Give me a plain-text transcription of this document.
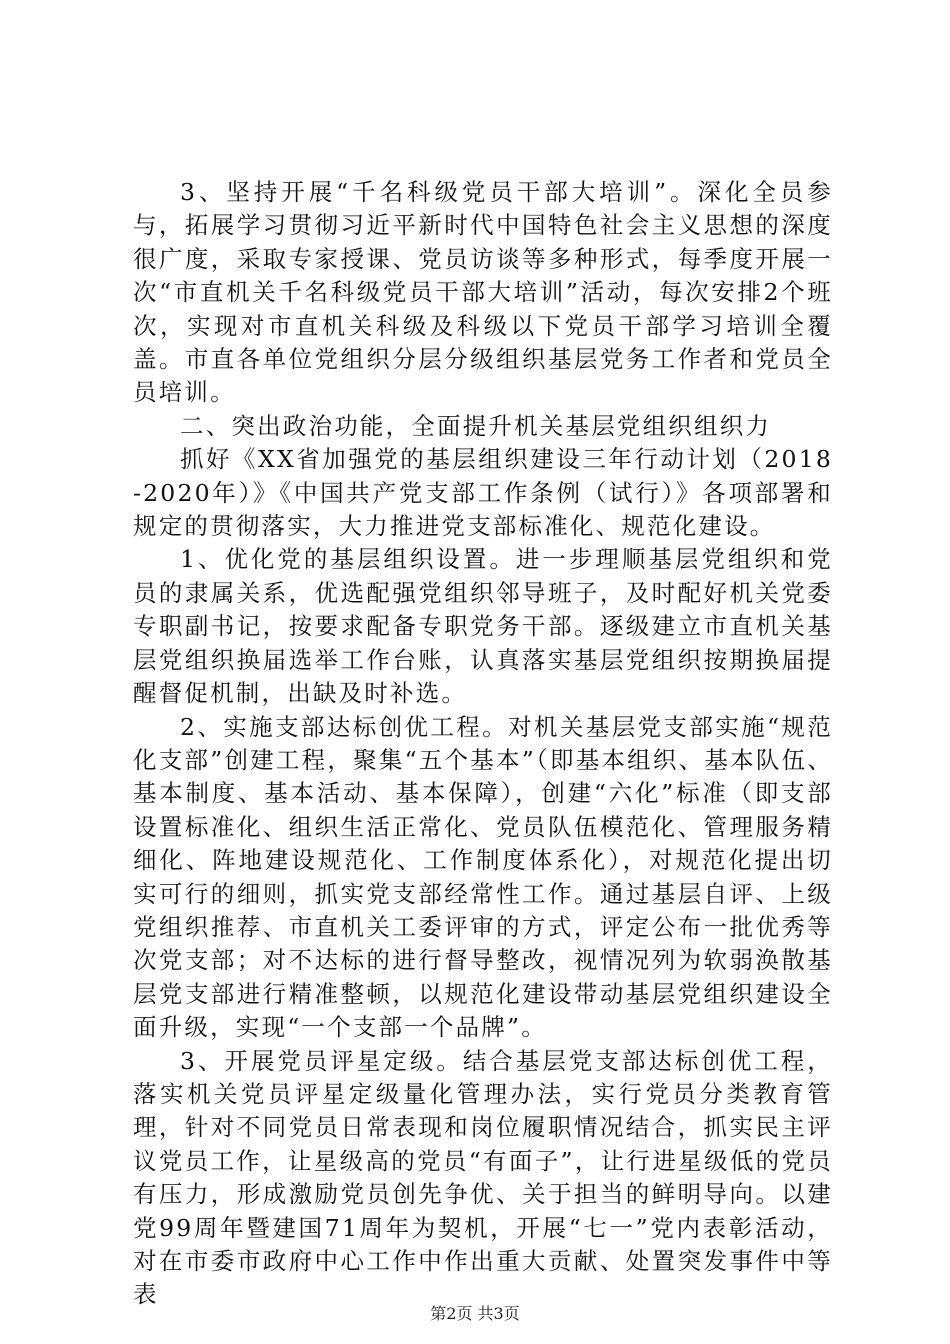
3、坚持开展“千名科级党员干部大培训”。深化全员参与，拓展学习贯彻习近平新时代中国特色社会主义思想的深度很广度，采取专家授课、党员访谈等多种形式，每季度开展一次“市直机关千名科级党员干部大培训”活动，每次安排2个班次，实现对市直机关科级及科级以下党员干部学习培训全覆盖。市直各单位党组织分层分级组织基层党务工作者和党员全员培训。

二、突出政治功能，全面提升机关基层党组织组织力

抓好《XX省加强党的基层组织建设三年行动计划（2018-2020年）》《中国共产党支部工作条例（试行）》各项部署和规定的贯彻落实，大力推进党支部标准化、规范化建设。

1、优化党的基层组织设置。进一步理顺基层党组织和党员的隶属关系，优选配强党组织邻导班子，及时配好机关党委专职副书记，按要求配备专职党务干部。逐级建立市直机关基层党组织换届选举工作台账，认真落实基层党组织按期换届提醒督促机制，出缺及时补选。

2、实施支部达标创优工程。对机关基层党支部实施“规范化支部”创建工程，聚集“五个基本”（即基本组织、基本队伍、基本制度、基本活动、基本保障），创建“六化”标准（即支部设置标准化、组织生活正常化、党员队伍模范化、管理服务精细化、阵地建设规范化、工作制度体系化），对规范化提出切实可行的细则，抓实党支部经常性工作。通过基层自评、上级党组织推荐、市直机关工委评审的方式，评定公布一批优秀等次党支部；对不达标的进行督导整改，视情况列为软弱涣散基层党支部进行精准整顿，以规范化建设带动基层党组织建设全面升级，实现“一个支部一个品牌”。

3、开展党员评星定级。结合基层党支部达标创优工程，落实机关党员评星定级量化管理办法，实行党员分类教育管理，针对不同党员日常表现和岗位履职情况结合，抓实民主评议党员工作，让星级高的党员“有面子”，让行进星级低的党员有压力，形成激励党员创先争优、关于担当的鲜明导向。以建党99周年暨建国71周年为契机，开展“七一”党内表彰活动，对在市委市政府中心工作中作出重大贡献、处置突发事件中等表

第2页 共3页
